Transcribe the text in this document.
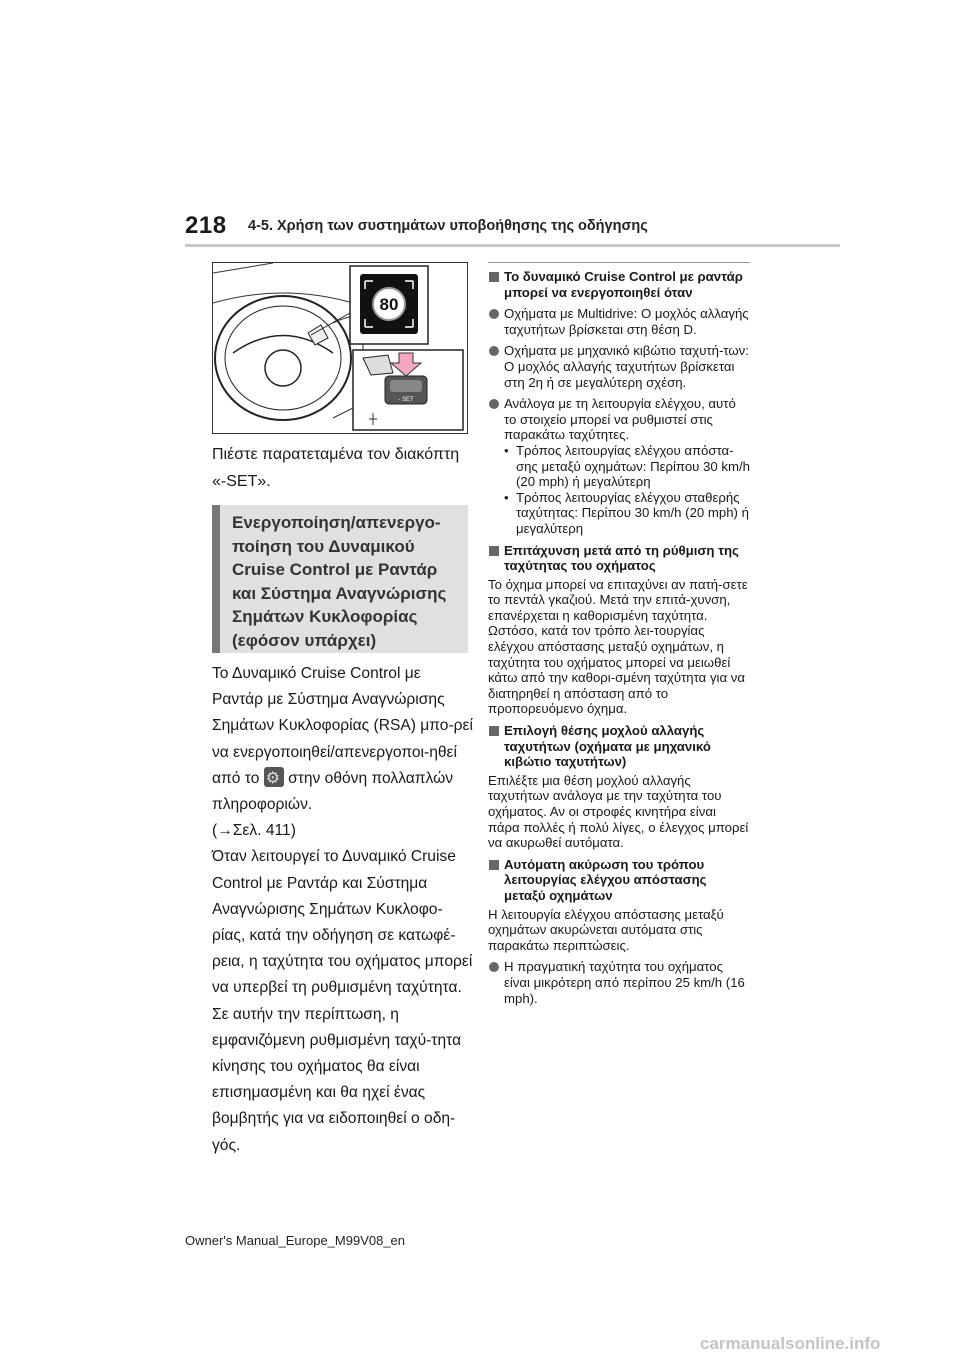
218 4-5. Χρήση των συστημάτων υποβοήθησης της οδήγησης
80
- SET
Πιέστε παρατεταμένα τον διακόπτη «-SET».
Ενεργοποίηση/απενεργο-ποίηση του Δυναμικού Cruise Control με Ραντάρ και Σύστημα Αναγνώρισης Σημάτων Κυκλοφορίας (εφόσον υπάρχει)

Το Δυναμικό Cruise Control με Ραντάρ με Σύστημα Αναγνώρισης Σημάτων Κυκλοφορίας (RSA) μπο-ρεί να ενεργοποιηθεί/απενεργοποι-ηθεί από το ⚙ στην οθόνη πολλαπλών πληροφοριών.

(→Σελ. 411)

Όταν λειτουργεί το Δυναμικό Cruise Control με Ραντάρ και Σύστημα Αναγνώρισης Σημάτων Κυκλοφο-ρίας, κατά την οδήγηση σε κατωφέ-ρεια, η ταχύτητα του οχήματος μπορεί να υπερβεί τη ρυθμισμένη ταχύτητα. Σε αυτήν την περίπτωση, η εμφανιζόμενη ρυθμισμένη ταχύ-τητα κίνησης του οχήματος θα είναι επισημασμένη και θα ηχεί ένας βομβητής για να ειδοποιηθεί ο οδη-γός.

Το δυναμικό Cruise Control με ραντάρ μπορεί να ενεργοποιηθεί όταν
Οχήματα με Multidrive: Ο μοχλός αλλαγής ταχυτήτων βρίσκεται στη θέση D.
Οχήματα με μηχανικό κιβώτιο ταχυτή-των: Ο μοχλός αλλαγής ταχυτήτων βρίσκεται στη 2η ή σε μεγαλύτερη σχέση.
Ανάλογα με τη λειτουργία ελέγχου, αυτό το στοιχείο μπορεί να ρυθμιστεί στις παρακάτω ταχύτητες.
• Τρόπος λειτουργίας ελέγχου απόστα-σης μεταξύ οχημάτων: Περίπου 30 km/h (20 mph) ή μεγαλύτερη
• Τρόπος λειτουργίας ελέγχου σταθερής ταχύτητας: Περίπου 30 km/h (20 mph) ή μεγαλύτερη
Επιτάχυνση μετά από τη ρύθμιση της ταχύτητας του οχήματος
Το όχημα μπορεί να επιταχύνει αν πατή-σετε το πεντάλ γκαζιού. Μετά την επιτά-χυνση, επανέρχεται η καθορισμένη ταχύτητα. Ωστόσο, κατά τον τρόπο λει-τουργίας ελέγχου απόστασης μεταξύ οχημάτων, η ταχύτητα του οχήματος μπορεί να μειωθεί κάτω από την καθορι-σμένη ταχύτητα για να διατηρηθεί η απόσταση από το προπορευόμενο όχημα.
Επιλογή θέσης μοχλού αλλαγής ταχυτήτων (οχήματα με μηχανικό κιβώτιο ταχυτήτων)
Επιλέξτε μια θέση μοχλού αλλαγής ταχυτήτων ανάλογα με την ταχύτητα του οχήματος. Αν οι στροφές κινητήρα είναι πάρα πολλές ή πολύ λίγες, ο έλεγχος μπορεί να ακυρωθεί αυτόματα.
Αυτόματη ακύρωση του τρόπου λειτουργίας ελέγχου απόστασης μεταξύ οχημάτων
Η λειτουργία ελέγχου απόστασης μεταξύ οχημάτων ακυρώνεται αυτόματα στις παρακάτω περιπτώσεις.
Η πραγματική ταχύτητα του οχήματος είναι μικρότερη από περίπου 25 km/h (16 mph).
Owner's Manual_Europe_M99V08_en
carmanualsonline.info
